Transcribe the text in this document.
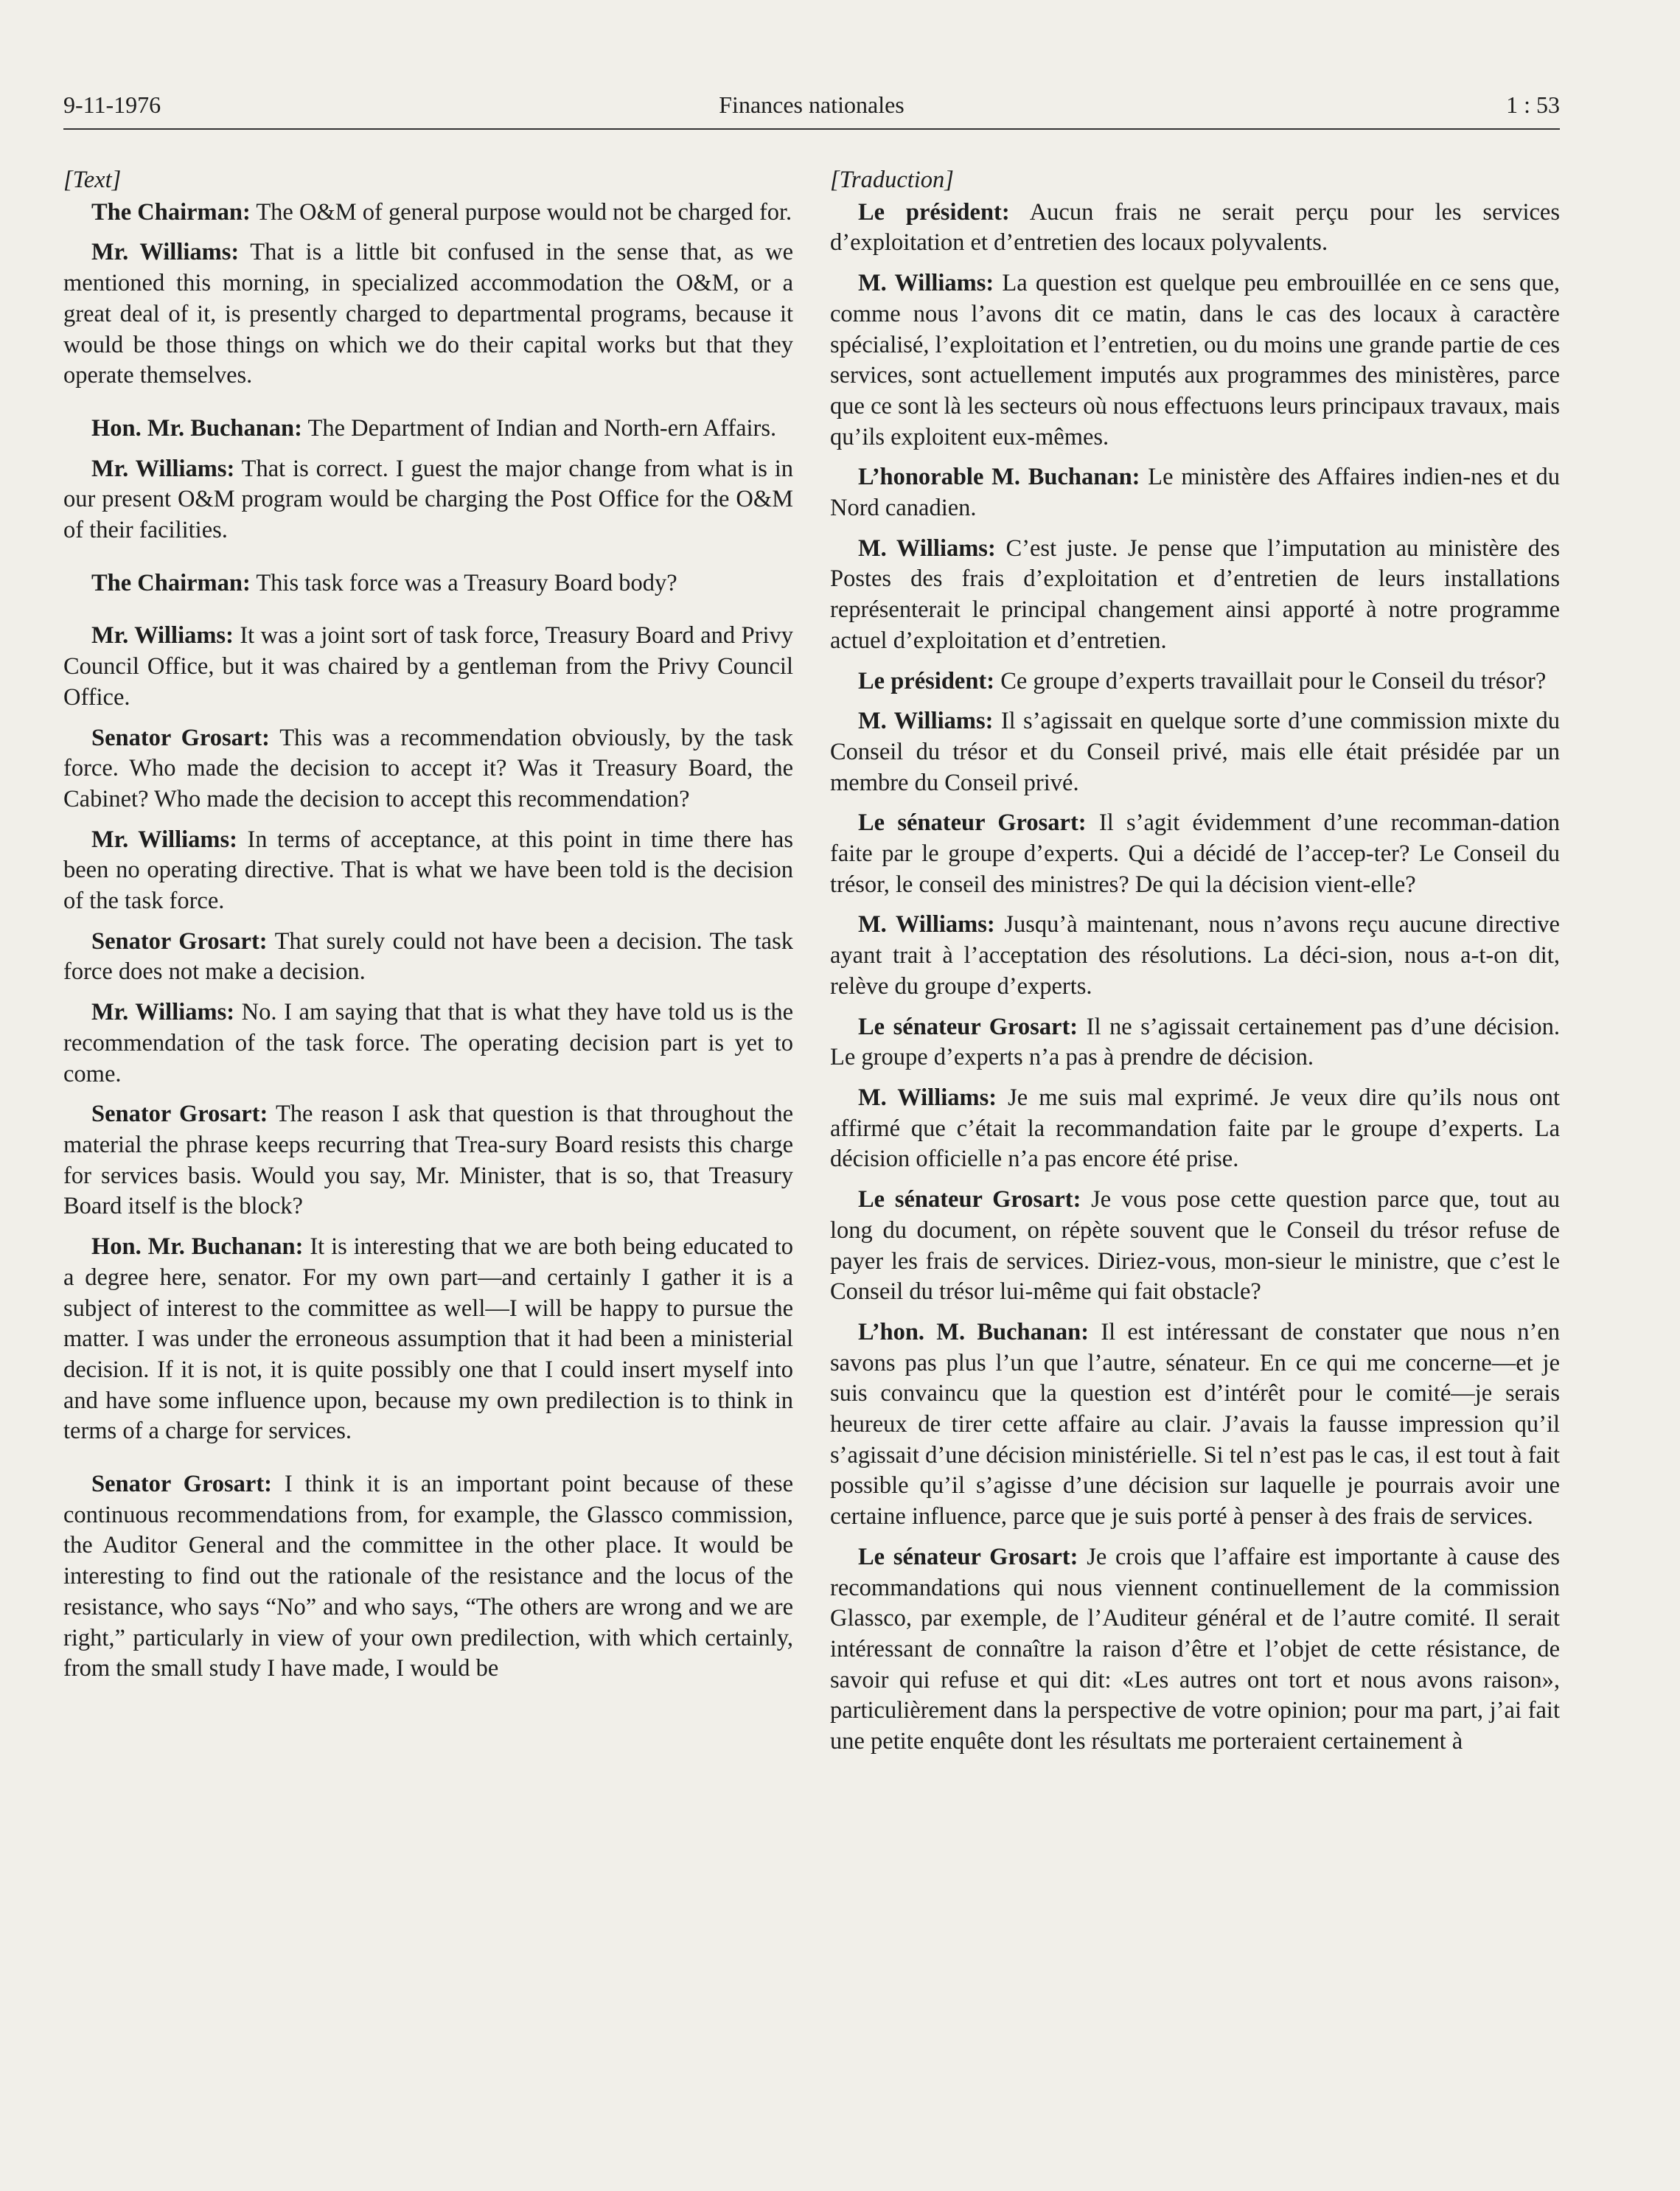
9-11-1976	Finances nationales	1 : 53

[Text]

The Chairman: The O&M of general purpose would not be charged for.

Mr. Williams: That is a little bit confused in the sense that, as we mentioned this morning, in specialized accommodation the O&M, or a great deal of it, is presently charged to departmental programs, because it would be those things on which we do their capital works but that they operate themselves.

Hon. Mr. Buchanan: The Department of Indian and North-ern Affairs.

Mr. Williams: That is correct. I guest the major change from what is in our present O&M program would be charging the Post Office for the O&M of their facilities.

The Chairman: This task force was a Treasury Board body?

Mr. Williams: It was a joint sort of task force, Treasury Board and Privy Council Office, but it was chaired by a gentleman from the Privy Council Office.

Senator Grosart: This was a recommendation obviously, by the task force. Who made the decision to accept it? Was it Treasury Board, the Cabinet? Who made the decision to accept this recommendation?

Mr. Williams: In terms of acceptance, at this point in time there has been no operating directive. That is what we have been told is the decision of the task force.

Senator Grosart: That surely could not have been a decision. The task force does not make a decision.

Mr. Williams: No. I am saying that that is what they have told us is the recommendation of the task force. The operating decision part is yet to come.

Senator Grosart: The reason I ask that question is that throughout the material the phrase keeps recurring that Trea-sury Board resists this charge for services basis. Would you say, Mr. Minister, that is so, that Treasury Board itself is the block?

Hon. Mr. Buchanan: It is interesting that we are both being educated to a degree here, senator. For my own part—and certainly I gather it is a subject of interest to the committee as well—I will be happy to pursue the matter. I was under the erroneous assumption that it had been a ministerial decision. If it is not, it is quite possibly one that I could insert myself into and have some influence upon, because my own predilection is to think in terms of a charge for services.

Senator Grosart: I think it is an important point because of these continuous recommendations from, for example, the Glassco commission, the Auditor General and the committee in the other place. It would be interesting to find out the rationale of the resistance and the locus of the resistance, who says “No” and who says, “The others are wrong and we are right,” particularly in view of your own predilection, with which certainly, from the small study I have made, I would be

[Traduction]

Le président: Aucun frais ne serait perçu pour les services d’exploitation et d’entretien des locaux polyvalents.

M. Williams: La question est quelque peu embrouillée en ce sens que, comme nous l’avons dit ce matin, dans le cas des locaux à caractère spécialisé, l’exploitation et l’entretien, ou du moins une grande partie de ces services, sont actuellement imputés aux programmes des ministères, parce que ce sont là les secteurs où nous effectuons leurs principaux travaux, mais qu’ils exploitent eux-mêmes.

L’honorable M. Buchanan: Le ministère des Affaires indien-nes et du Nord canadien.

M. Williams: C’est juste. Je pense que l’imputation au ministère des Postes des frais d’exploitation et d’entretien de leurs installations représenterait le principal changement ainsi apporté à notre programme actuel d’exploitation et d’entretien.

Le président: Ce groupe d’experts travaillait pour le Conseil du trésor?

M. Williams: Il s’agissait en quelque sorte d’une commission mixte du Conseil du trésor et du Conseil privé, mais elle était présidée par un membre du Conseil privé.

Le sénateur Grosart: Il s’agit évidemment d’une recomman-dation faite par le groupe d’experts. Qui a décidé de l’accep-ter? Le Conseil du trésor, le conseil des ministres? De qui la décision vient-elle?

M. Williams: Jusqu’à maintenant, nous n’avons reçu aucune directive ayant trait à l’acceptation des résolutions. La déci-sion, nous a-t-on dit, relève du groupe d’experts.

Le sénateur Grosart: Il ne s’agissait certainement pas d’une décision. Le groupe d’experts n’a pas à prendre de décision.

M. Williams: Je me suis mal exprimé. Je veux dire qu’ils nous ont affirmé que c’était la recommandation faite par le groupe d’experts. La décision officielle n’a pas encore été prise.

Le sénateur Grosart: Je vous pose cette question parce que, tout au long du document, on répète souvent que le Conseil du trésor refuse de payer les frais de services. Diriez-vous, mon-sieur le ministre, que c’est le Conseil du trésor lui-même qui fait obstacle?

L’hon. M. Buchanan: Il est intéressant de constater que nous n’en savons pas plus l’un que l’autre, sénateur. En ce qui me concerne—et je suis convaincu que la question est d’intérêt pour le comité—je serais heureux de tirer cette affaire au clair. J’avais la fausse impression qu’il s’agissait d’une décision ministérielle. Si tel n’est pas le cas, il est tout à fait possible qu’il s’agisse d’une décision sur laquelle je pourrais avoir une certaine influence, parce que je suis porté à penser à des frais de services.

Le sénateur Grosart: Je crois que l’affaire est importante à cause des recommandations qui nous viennent continuellement de la commission Glassco, par exemple, de l’Auditeur général et de l’autre comité. Il serait intéressant de connaître la raison d’être et l’objet de cette résistance, de savoir qui refuse et qui dit: «Les autres ont tort et nous avons raison», particulièrement dans la perspective de votre opinion; pour ma part, j’ai fait une petite enquête dont les résultats me porteraient certainement à
